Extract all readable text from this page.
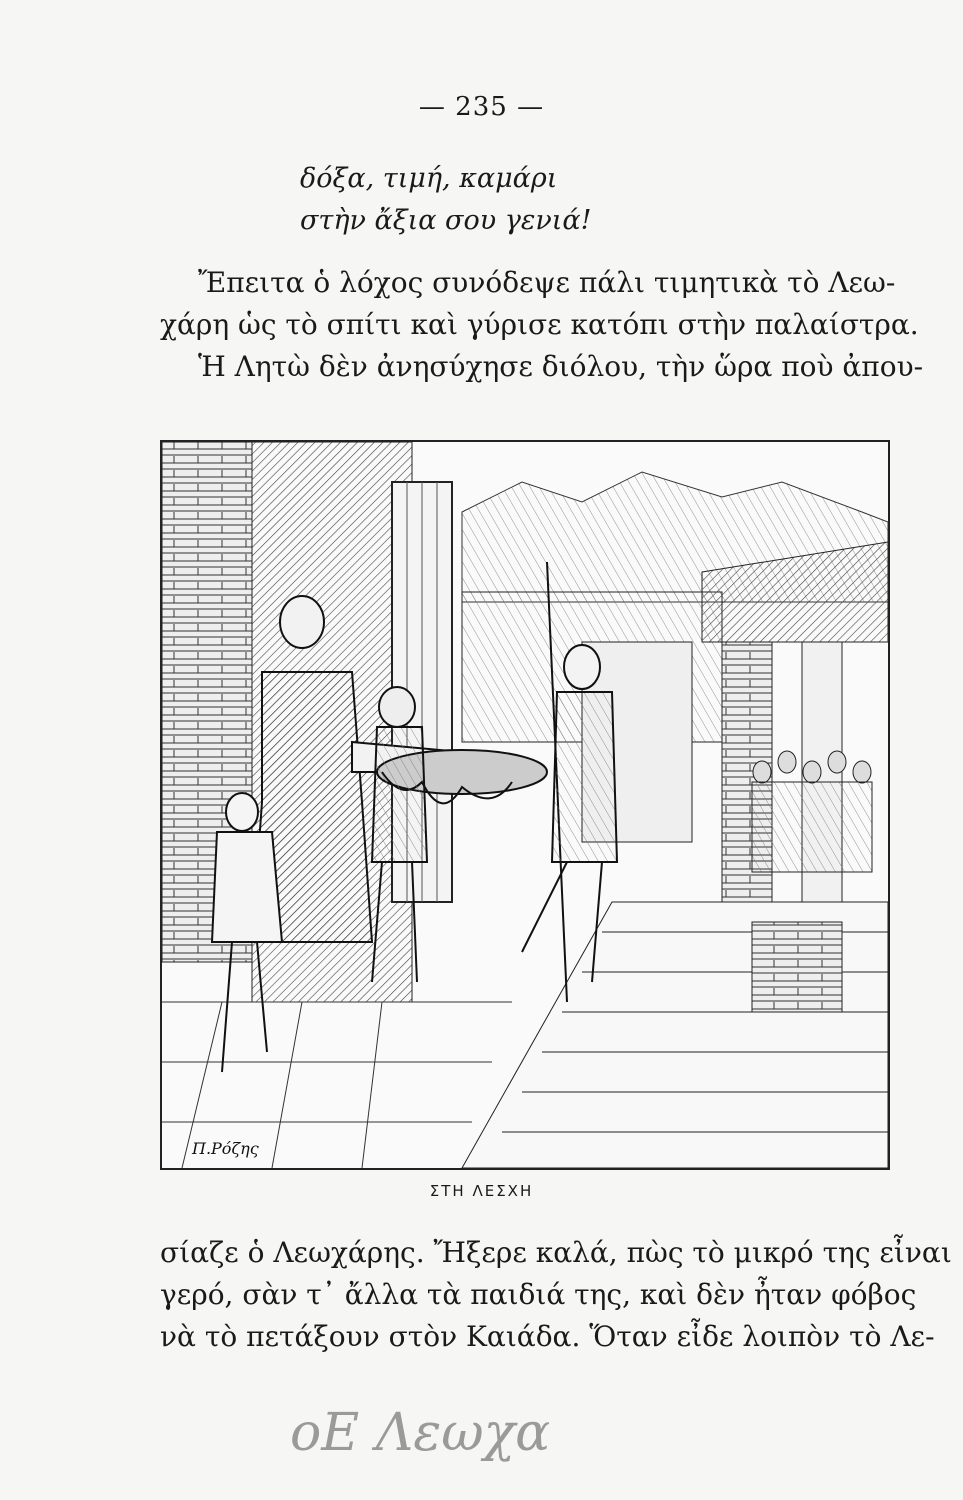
— 235 —
δόξα, τιμή, καμάρι
στὴν ἄξια σου γενιά!
Ἔπειτα ὁ λόχος συνόδεψε πάλι τιμητικὰ τὸ Λεω-
χάρη ὡς τὸ σπίτι καὶ γύρισε κατόπι στὴν παλαίστρα.
Ἡ Λητὼ δὲν ἀνησύχησε διόλου, τὴν ὥρα ποὺ ἀπου-
Π.Ρόζης
ΣΤΗ ΛΕΣΧΗ
σίαζε ὁ Λεωχάρης. Ἤξερε καλά, πὼς τὸ μικρό της εἶναι
γερό, σὰν τ᾽ ἄλλα τὰ παιδιά της, καὶ δὲν ἦταν φόβος
νὰ τὸ πετάξουν στὸν Καιάδα. Ὅταν εἶδε λοιπὸν τὸ Λε-
οΕ Λεωχα
